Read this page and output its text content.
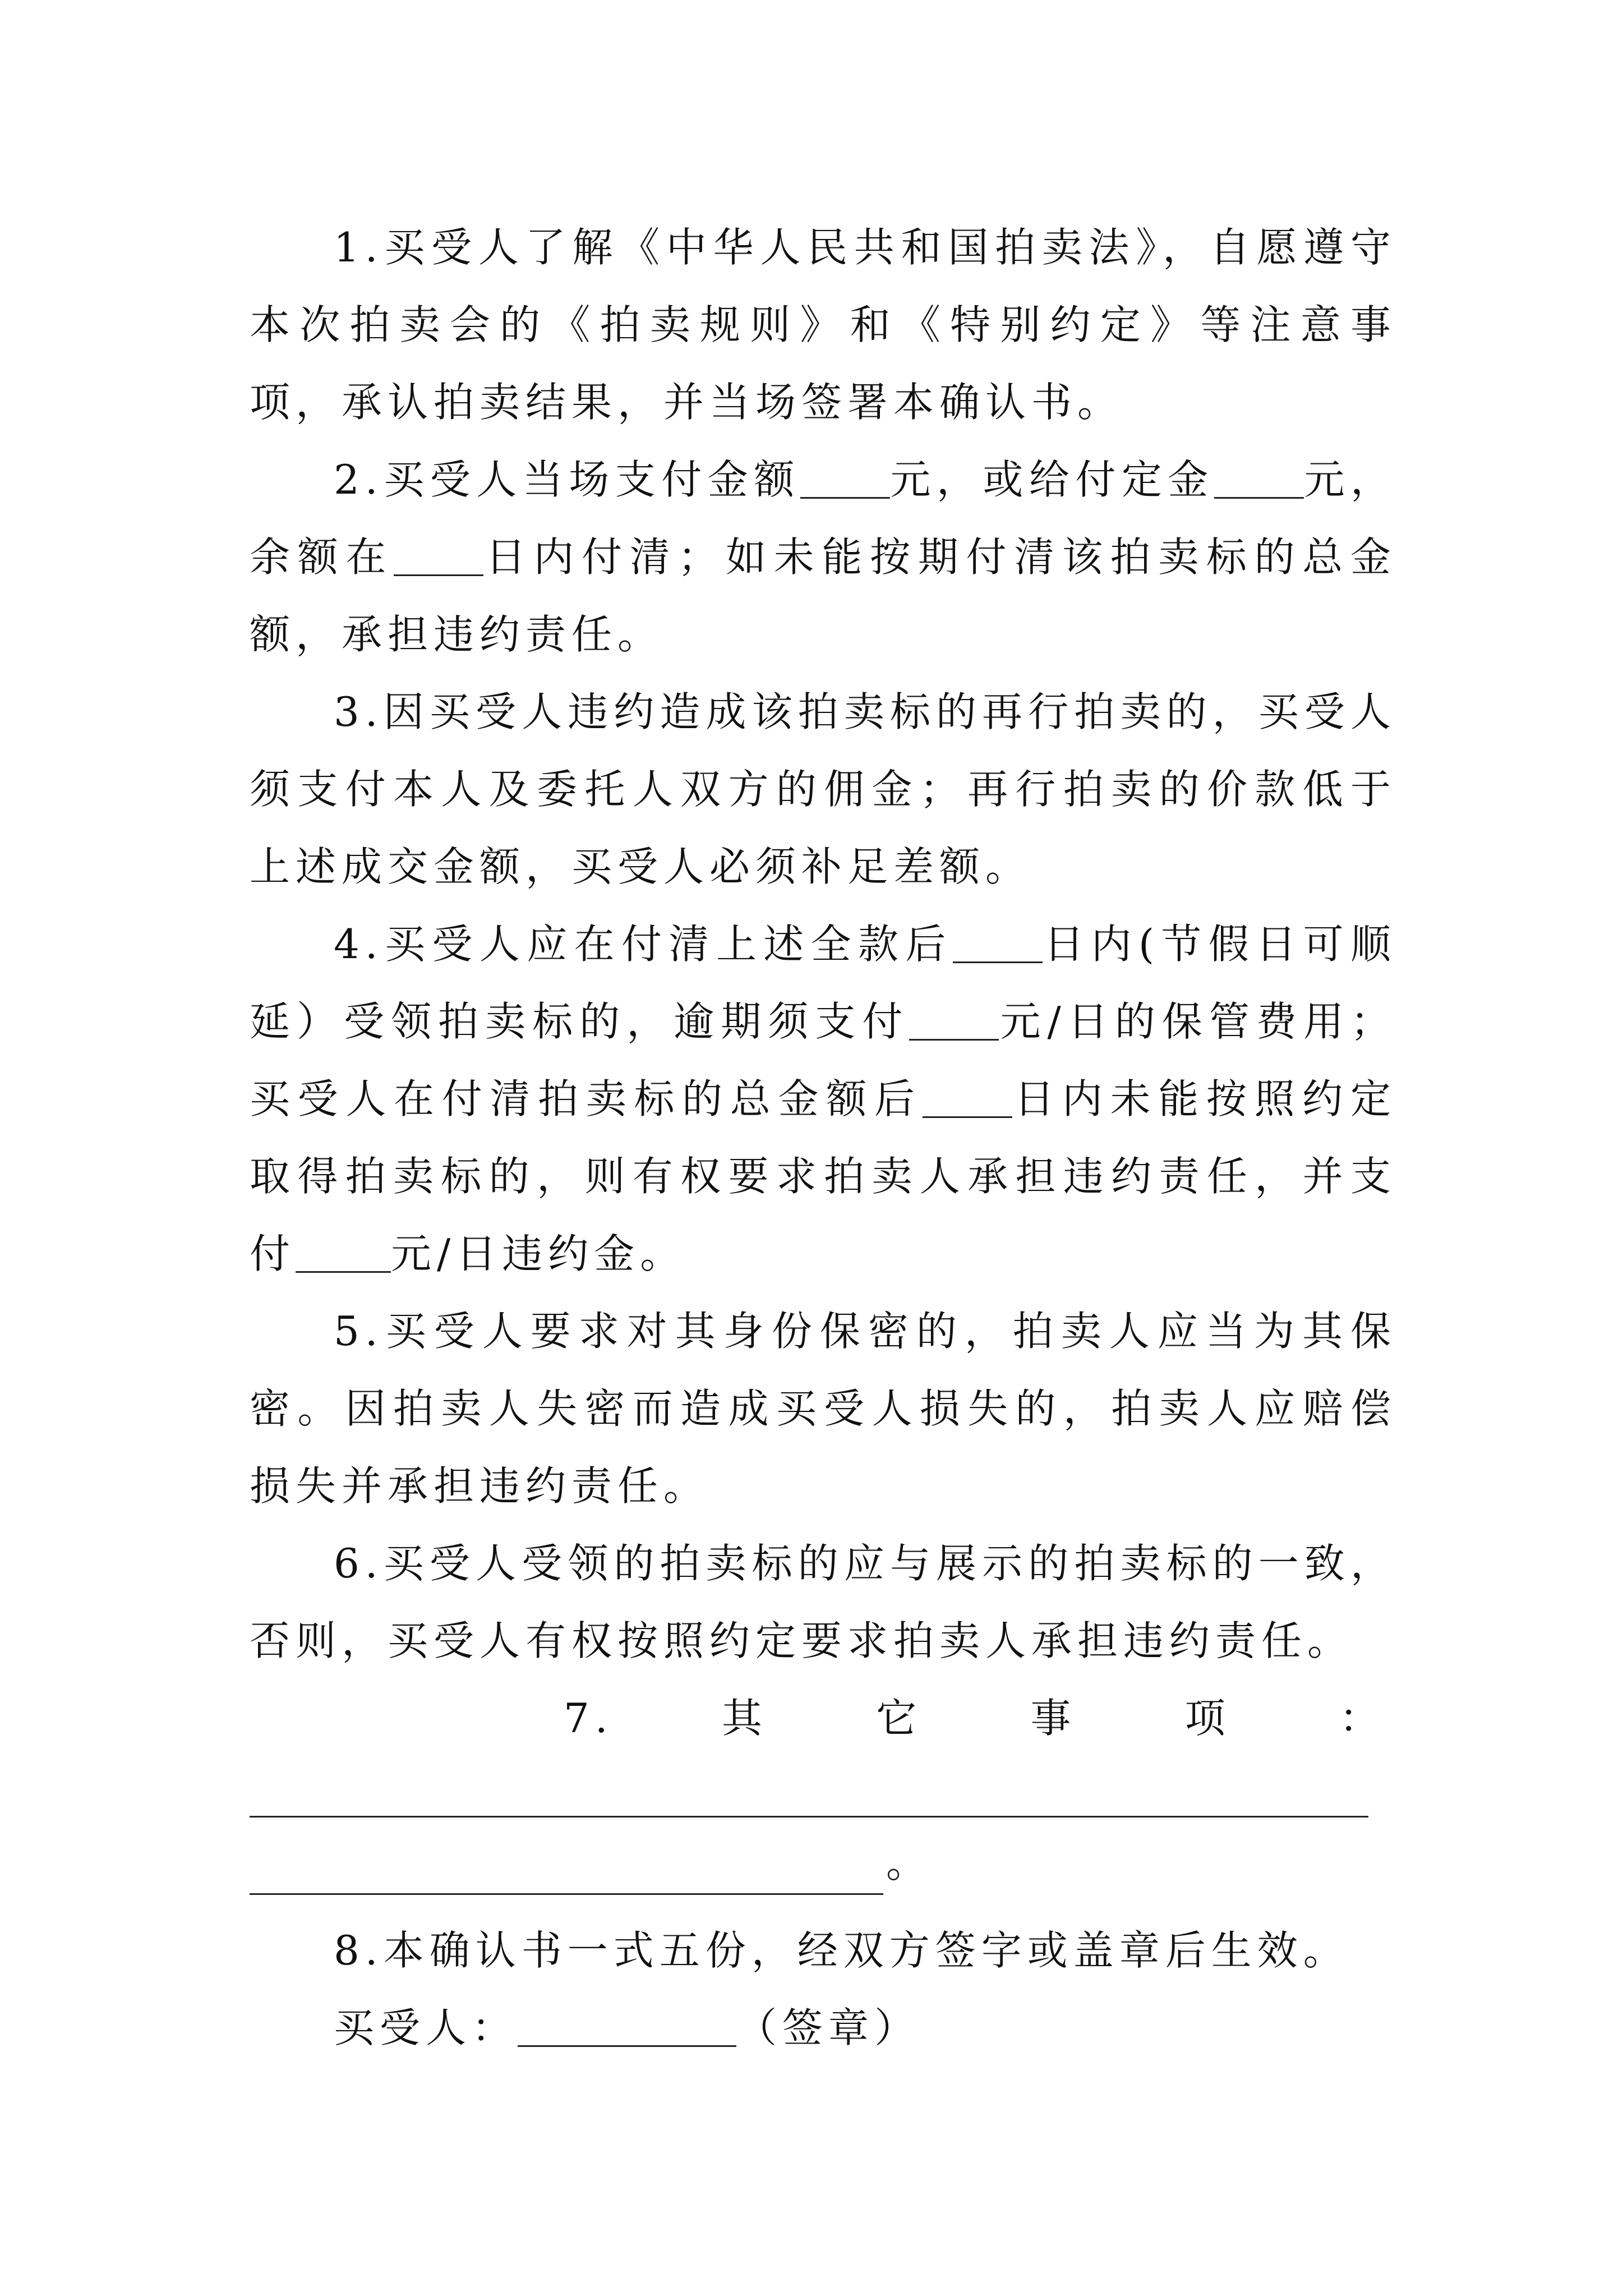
1.买受人了解《中华人民共和国拍卖法》，自愿遵守本次拍卖会的《拍卖规则》和《特别约定》等注意事项，承认拍卖结果，并当场签署本确认书。

2.买受人当场支付金额 元，或给付定金 元，余额在 日内付清；如未能按期付清该拍卖标的总金额，承担违约责任。

3.因买受人违约造成该拍卖标的再行拍卖的，买受人须支付本人及委托人双方的佣金；再行拍卖的价款低于上述成交金额，买受人必须补足差额。

4.买受人应在付清上述全款后 日内(节假日可顺延）受领拍卖标的，逾期须支付 元/日的保管费用；买受人在付清拍卖标的总金额后 日内未能按照约定取得拍卖标的，则有权要求拍卖人承担违约责任，并支付 元/日违约金。

5.买受人要求对其身份保密的，拍卖人应当为其保密。因拍卖人失密而造成买受人损失的，拍卖人应赔偿损失并承担违约责任。

6.买受人受领的拍卖标的应与展示的拍卖标的一致，否则，买受人有权按照约定要求拍卖人承担违约责任。

7.	其	它	事	项	：

。

8.本确认书一式五份，经双方签字或盖章后生效。

买受人：	（签章）
